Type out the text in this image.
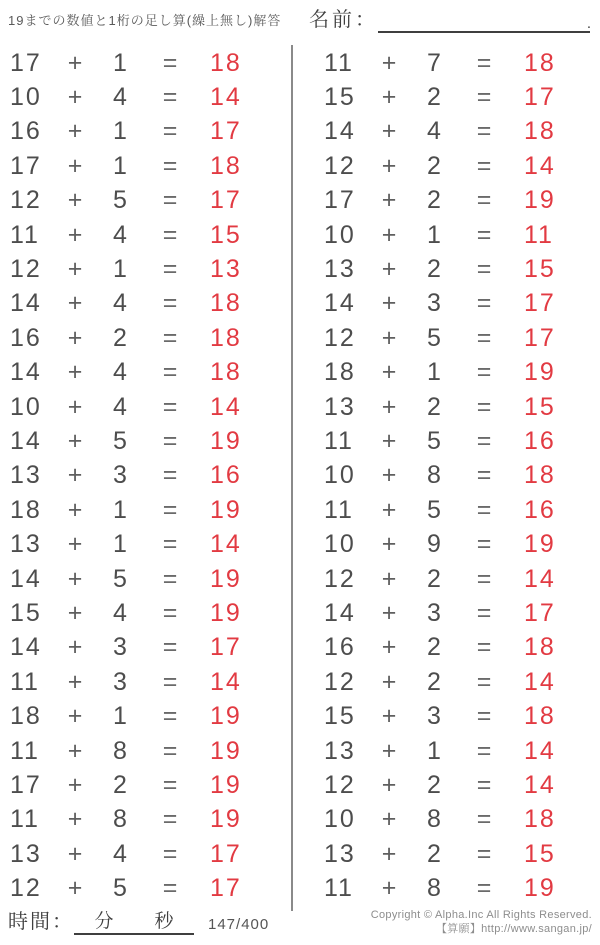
19までの数値と1桁の足し算(繰上無し)解答 名前：	.
17	+	1	=	18
10	+	4	=	14
16	+	1	=	17
17	+	1	=	18
12	+	5	=	17
11	+	4	=	15
12	+	1	=	13
14	+	4	=	18
16	+	2	=	18
14	+	4	=	18
10	+	4	=	14
14	+	5	=	19
13	+	3	=	16
18	+	1	=	19
13	+	1	=	14
14	+	5	=	19
15	+	4	=	19
14	+	3	=	17
11	+	3	=	14
18	+	1	=	19
11	+	8	=	19
17	+	2	=	19
11	+	8	=	19
13	+	4	=	17
12	+	5	=	17
11	+	7	=	18
15	+	2	=	17
14	+	4	=	18
12	+	2	=	14
17	+	2	=	19
10	+	1	=	11
13	+	2	=	15
14	+	3	=	17
12	+	5	=	17
18	+	1	=	19
13	+	2	=	15
11	+	5	=	16
10	+	8	=	18
11	+	5	=	16
10	+	9	=	19
12	+	2	=	14
14	+	3	=	17
16	+	2	=	18
12	+	2	=	14
15	+	3	=	18
13	+	1	=	14
12	+	2	=	14
10	+	8	=	18
13	+	2	=	15
11	+	8	=	19
時間： 分 秒 147/400
Copyright © Alpha.Inc All Rights Reserved.
【算願】http://www.sangan.jp/
